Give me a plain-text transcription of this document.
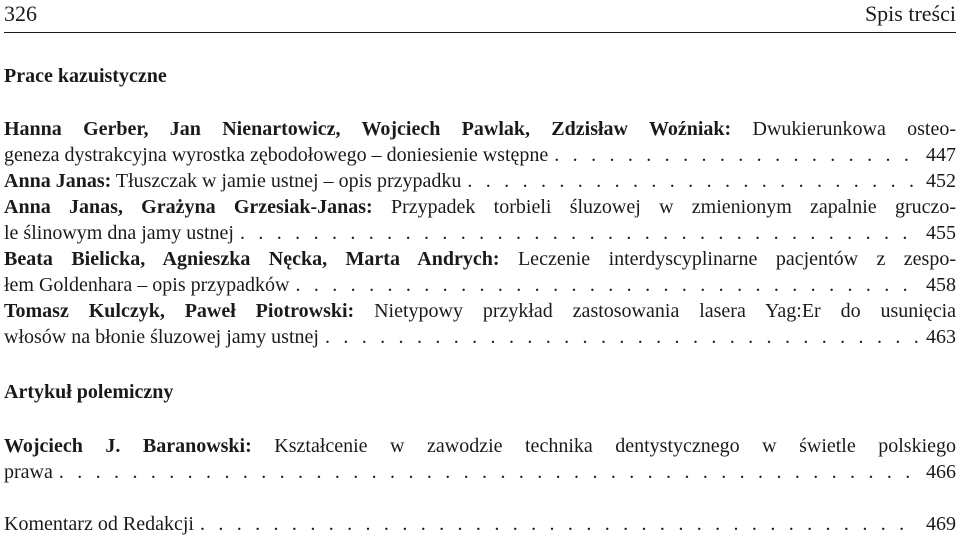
326	Spis treści
Prace kazuistyczne
Hanna Gerber, Jan Nienartowicz, Wojciech Pawlak, Zdzisław Woźniak: Dwukierunkowa osteo-
geneza dystrakcyjna wyrostka zębodołowego – doniesienie wstępne . . .	447
Anna Janas: Tłuszczak w jamie ustnej – opis przypadku . . .	452
Anna Janas, Grażyna Grzesiak-Janas: Przypadek torbieli śluzowej w zmienionym zapalnie gruczo-
le ślinowym dna jamy ustnej . . .	455
Beata Bielicka, Agnieszka Nęcka, Marta Andrych: Leczenie interdyscyplinarne pacjentów z zespo-
łem Goldenhara – opis przypadków . . .	458
Tomasz Kulczyk, Paweł Piotrowski: Nietypowy przykład zastosowania lasera Yag:Er do usunięcia
włosów na błonie śluzowej jamy ustnej . . .	463
Artykuł polemiczny
Wojciech J. Baranowski: Kształcenie w zawodzie technika dentystycznego w świetle polskiego
prawa . . .	466
Komentarz od Redakcji . . .	469
